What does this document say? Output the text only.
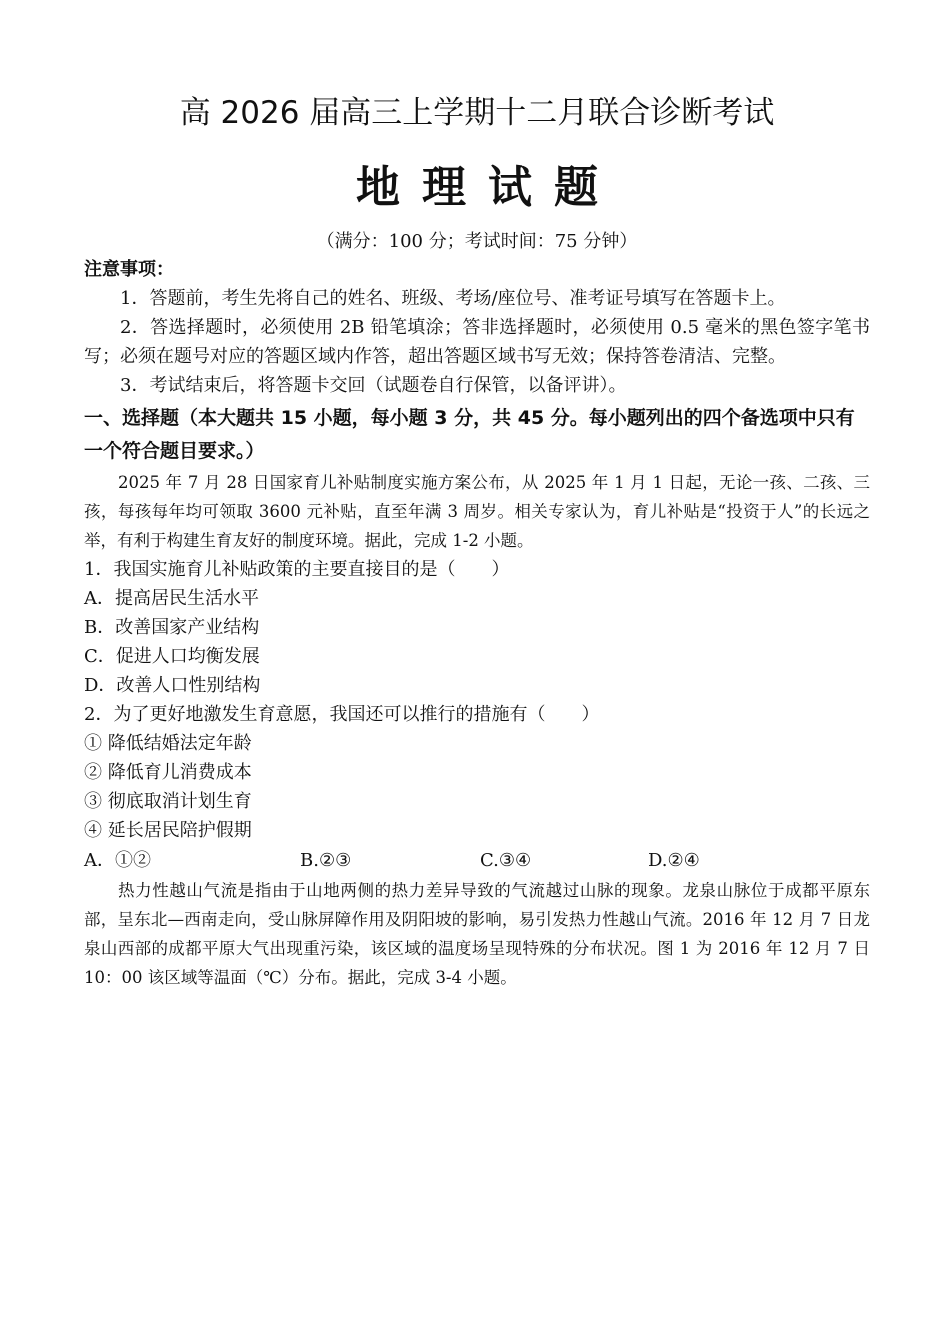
高 2026 届高三上学期十二月联合诊断考试
地理试题
（满分：100 分；考试时间：75 分钟）
注意事项：
1．答题前，考生先将自己的姓名、班级、考场/座位号、准考证号填写在答题卡上。
2．答选择题时，必须使用 2B 铅笔填涂；答非选择题时，必须使用 0.5 毫米的黑色签字笔书写；必须在题号对应的答题区域内作答，超出答题区域书写无效；保持答卷清洁、完整。
3．考试结束后，将答题卡交回（试题卷自行保管，以备评讲）。
一、选择题（本大题共 15 小题，每小题 3 分，共 45 分。每小题列出的四个备选项中只有一个符合题目要求。）
2025 年 7 月 28 日国家育儿补贴制度实施方案公布，从 2025 年 1 月 1 日起，无论一孩、二孩、三孩，每孩每年均可领取 3600 元补贴，直至年满 3 周岁。相关专家认为，育儿补贴是“投资于人”的长远之举，有利于构建生育友好的制度环境。据此，完成 1-2 小题。
1．我国实施育儿补贴政策的主要直接目的是（　　）
A．提高居民生活水平
B．改善国家产业结构
C．促进人口均衡发展
D．改善人口性别结构
2．为了更好地激发生育意愿，我国还可以推行的措施有（　　）
① 降低结婚法定年龄
② 降低育儿消费成本
③ 彻底取消计划生育
④ 延长居民陪护假期
A．①②	B.②③	C.③④	D.②④
热力性越山气流是指由于山地两侧的热力差异导致的气流越过山脉的现象。龙泉山脉位于成都平原东部，呈东北—西南走向，受山脉屏障作用及阴阳坡的影响，易引发热力性越山气流。2016 年 12 月 7 日龙泉山西部的成都平原大气出现重污染，该区域的温度场呈现特殊的分布状况。图 1 为 2016 年 12 月 7 日 10：00 该区域等温面（℃）分布。据此，完成 3-4 小题。
